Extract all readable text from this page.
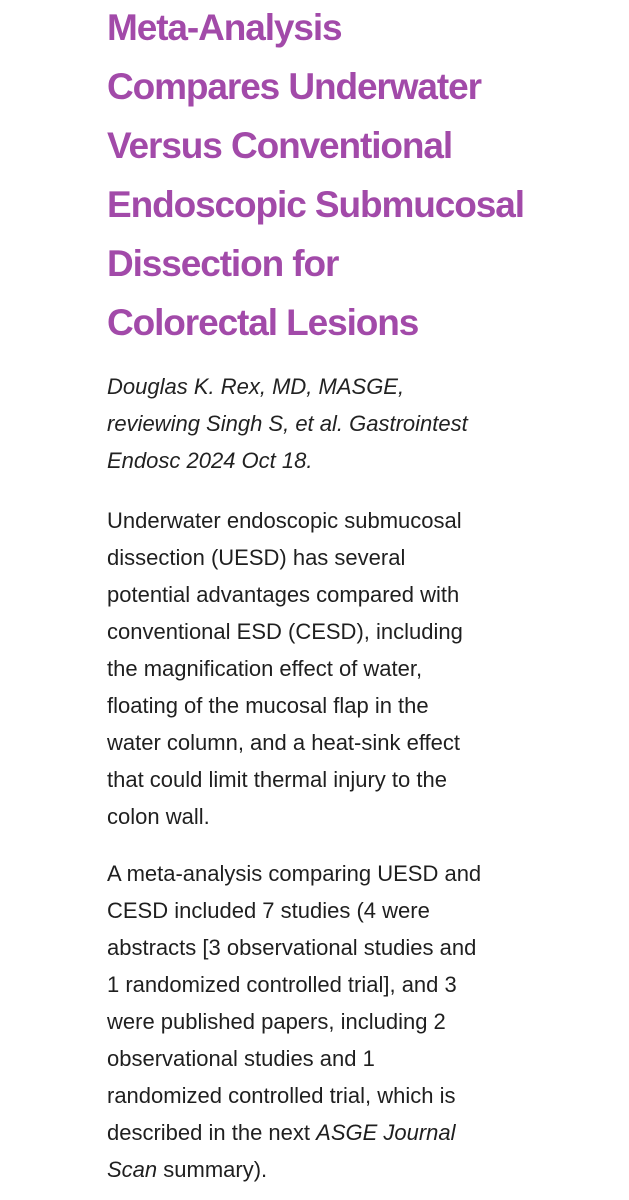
Meta-Analysis
Compares Underwater
Versus Conventional
Endoscopic Submucosal
Dissection for
Colorectal Lesions

Douglas K. Rex, MD, MASGE,
reviewing Singh S, et al. Gastrointest
Endosc 2024 Oct 18.

Underwater endoscopic submucosal
dissection (UESD) has several
potential advantages compared with
conventional ESD (CESD), including
the magnification effect of water,
floating of the mucosal flap in the
water column, and a heat-sink effect
that could limit thermal injury to the
colon wall.

A meta-analysis comparing UESD and
CESD included 7 studies (4 were
abstracts [3 observational studies and
1 randomized controlled trial], and 3
were published papers, including 2
observational studies and 1
randomized controlled trial, which is
described in the next ASGE Journal
Scan summary).
